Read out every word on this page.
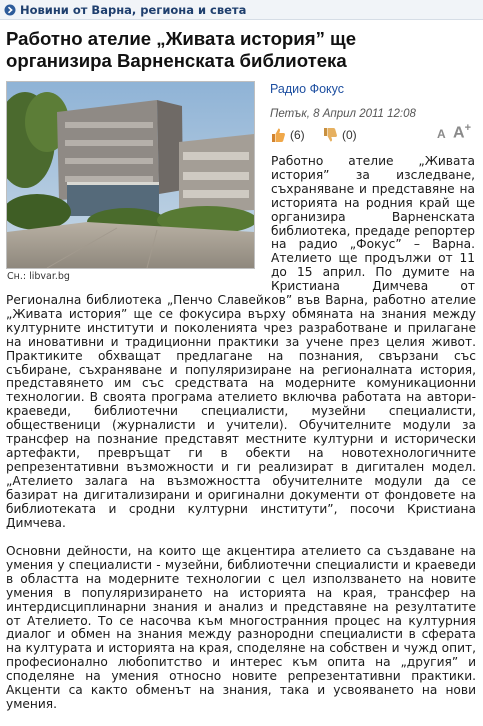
Новини от Варна, региона и света
Работно ателие „Живата история” ще
организира Варненската библиотека
Сн.: libvar.bg
Радио Фокус
Петък, 8 Април 2011 12:08
(6)	(0)	A A+

Работно ателие „Живата история” за изследване, съхраняване и представяне на историята на родния край ще организира Варненската библиотека, предаде репортер на радио „Фокус” – Варна. Ателието ще продължи от 11 до 15 април. По думите на Кристиана Димчева от

Регионална библиотека „Пенчо Славейков” във Варна, работно ателие „Живата история” ще се фокусира върху обмяната на знания между културните институти и поколенията чрез разработване и прилагане на иновативни и традиционни практики за учене през целия живот. Практиките обхващат предлагане на познания, свързани със събиране, съхраняване и популяризиране на регионалната история, представянето им със средствата на модерните комуникационни технологии. В своята програма ателието включва работата на автори-краеведи, библиотечни специалисти, музейни специалисти, общественици (журналисти и учители). Обучителните модули за трансфер на познание представят местните културни и исторически артефакти, превръщат ги в обекти на новотехнологичните репрезентативни възможности и ги реализират в дигитален модел. „Ателието залага на възможността обучителните модули да се базират на дигитализирани и оригинални документи от фондовете на библиотеката и сродни културни институти”, посочи Кристиана Димчева.

Основни дейности, на които ще акцентира ателието са създаване на умения у специалисти - музейни, библиотечни специалисти и краеведи в областта на модерните технологии с цел използването на новите умения в популяризирането на историята на края, трансфер на интердисциплинарни знания и анализ и представяне на резултатите от Ателието. То се насочва към многостранния процес на културния диалог и обмен на знания между разнородни специалисти в сферата на културата и историята на края, споделяне на собствен и чужд опит, професионално любопитство и интерес към опита на „другия” и споделяне на умения относно новите репрезентативни практики. Акценти са както обменът на знания, така и усвояването на нови умения.
